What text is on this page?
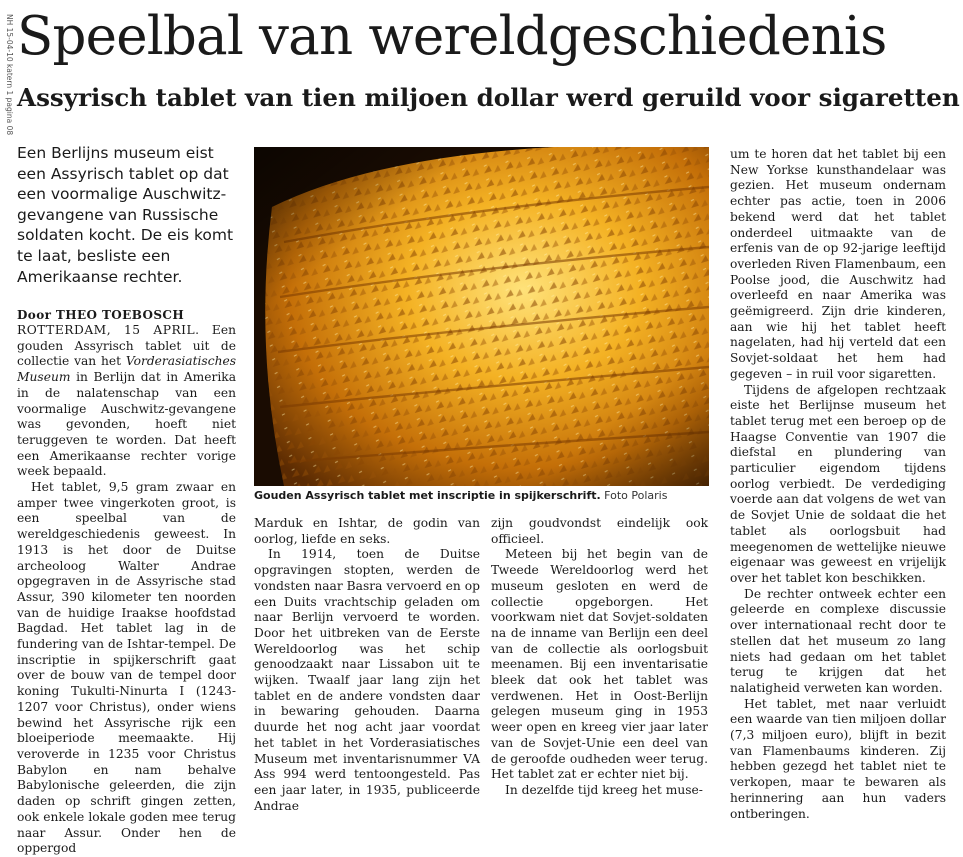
NH 15-04-10 katern 1 pagina 08 Speelbal van wereldgeschiedenis
Assyrisch tablet van tien miljoen dollar werd geruild voor sigaretten

Een Berlijns museum eist een Assyrisch tablet op dat een voormalige Auschwitz-gevangene van Russische soldaten kocht. De eis komt te laat, besliste een Amerikaanse rechter.

Door THEO TOEBOSCH

ROTTERDAM, 15 APRIL. Een gouden Assyrisch tablet uit de collectie van het Vorderasiatisches Museum in Berlijn dat in Amerika in de nalatenschap van een voormalige Auschwitz-gevangene was gevonden, hoeft niet teruggeven te worden. Dat heeft een Amerikaanse rechter vorige week bepaald.

Het tablet, 9,5 gram zwaar en amper twee vingerkoten groot, is een speelbal van de wereldgeschiedenis geweest. In 1913 is het door de Duitse archeoloog Walter Andrae opgegraven in de Assyrische stad Assur, 390 kilometer ten noorden van de huidige Iraakse hoofdstad Bagdad. Het tablet lag in de fundering van de Ishtar-tempel. De inscriptie in spijkerschrift gaat over de bouw van de tempel door koning Tukulti-Ninurta I (1243-1207 voor Christus), onder wiens bewind het Assyrische rijk een bloeiperiode meemaakte. Hij veroverde in 1235 voor Christus Babylon en nam behalve Babylonische geleerden, die zijn daden op schrift gingen zetten, ook enkele lokale goden mee terug naar Assur. Onder hen de oppergod

Gouden Assyrisch tablet met inscriptie in spijkerschrift. Foto Polaris

Marduk en Ishtar, de godin van oorlog, liefde en seks.

In 1914, toen de Duitse opgravingen stopten, werden de vondsten naar Basra vervoerd en op een Duits vrachtschip geladen om naar Berlijn vervoerd te worden. Door het uitbreken van de Eerste Wereldoorlog was het schip genoodzaakt naar Lissabon uit te wijken. Twaalf jaar lang zijn het tablet en de andere vondsten daar in bewaring gehouden. Daarna duurde het nog acht jaar voordat het tablet in het Vorderasiatisches Museum met inventarisnummer VA Ass 994 werd tentoongesteld. Pas een jaar later, in 1935, publiceerde Andrae

zijn goudvondst eindelijk ook officieel.

Meteen bij het begin van de Tweede Wereldoorlog werd het museum gesloten en werd de collectie opgeborgen. Het voorkwam niet dat Sovjet-soldaten na de inname van Berlijn een deel van de collectie als oorlogsbuit meenamen. Bij een inventarisatie bleek dat ook het tablet was verdwenen. Het in Oost-Berlijn gelegen museum ging in 1953 weer open en kreeg vier jaar later van de Sovjet-Unie een deel van de geroofde oudheden weer terug. Het tablet zat er echter niet bij.

In dezelfde tijd kreeg het muse-

um te horen dat het tablet bij een New Yorkse kunsthandelaar was gezien. Het museum ondernam echter pas actie, toen in 2006 bekend werd dat het tablet onderdeel uitmaakte van de erfenis van de op 92-jarige leeftijd overleden Riven Flamenbaum, een Poolse jood, die Auschwitz had overleefd en naar Amerika was geëmigreerd. Zijn drie kinderen, aan wie hij het tablet heeft nagelaten, had hij verteld dat een Sovjet-soldaat het hem had gegeven – in ruil voor sigaretten.

Tijdens de afgelopen rechtzaak eiste het Berlijnse museum het tablet terug met een beroep op de Haagse Conventie van 1907 die diefstal en plundering van particulier eigendom tijdens oorlog verbiedt. De verdediging voerde aan dat volgens de wet van de Sovjet Unie de soldaat die het tablet als oorlogsbuit had meegenomen de wettelijke nieuwe eigenaar was geweest en vrijelijk over het tablet kon beschikken.

De rechter ontweek echter een geleerde en complexe discussie over internationaal recht door te stellen dat het museum zo lang niets had gedaan om het tablet terug te krijgen dat het nalatigheid verweten kan worden.

Het tablet, met naar verluidt een waarde van tien miljoen dollar (7,3 miljoen euro), blijft in bezit van Flamenbaums kinderen. Zij hebben gezegd het tablet niet te verkopen, maar te bewaren als herinnering aan hun vaders ontberingen.
